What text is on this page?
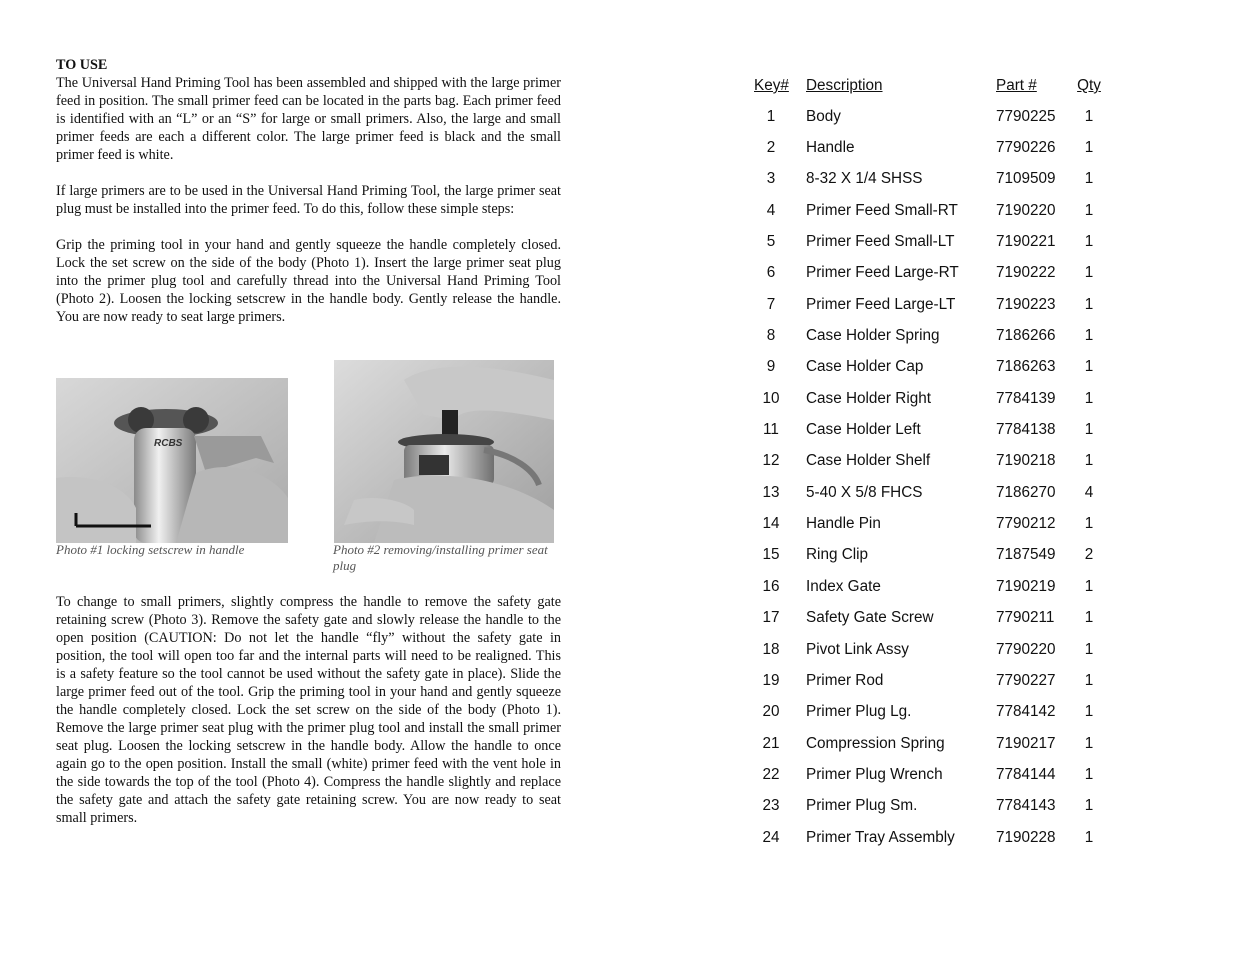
TO USE

The Universal Hand Priming Tool has been assembled and shipped with the large primer feed in position. The small primer feed can be located in the parts bag. Each primer feed is identified with an “L” or an “S” for large or small primers. Also, the large and small primer feeds are each a different color. The large primer feed is black and the small primer feed is white.

If large primers are to be used in the Universal Hand Priming Tool, the large primer seat plug must be installed into the primer feed. To do this, follow these simple steps:

Grip the priming tool in your hand and gently squeeze the handle completely closed. Lock the set screw on the side of the body (Photo 1). Insert the large primer seat plug into the primer plug tool and carefully thread into the Universal Hand Priming Tool (Photo 2). Loosen the locking setscrew in the handle body. Gently release the handle. You are now ready to seat large primers.

RCBS
Photo #1 locking setscrew in handle	Photo #2 removing/installing primer seat plug

To change to small primers, slightly compress the handle to remove the safety gate retaining screw (Photo 3). Remove the safety gate and slowly release the handle to the open position (CAUTION: Do not let the handle “fly” without the safety gate in position, the tool will open too far and the internal parts will need to be realigned. This is a safety feature so the tool cannot be used without the safety gate in place). Slide the large primer feed out of the tool. Grip the priming tool in your hand and gently squeeze the handle completely closed. Lock the set screw on the side of the body (Photo 1). Remove the large primer seat plug with the primer plug tool and install the small primer seat plug. Loosen the locking setscrew in the handle body. Allow the handle to once again go to the open position. Install the small (white) primer feed with the vent hole in the side towards the top of the tool (Photo 4). Compress the handle slightly and replace the safety gate and attach the safety gate retaining screw. You are now ready to seat small primers.

Key#	Description	Part #	Qty
1	Body	7790225	1
2	Handle	7790226	1
3	8-32 X 1/4 SHSS	7109509	1
4	Primer Feed Small-RT	7190220	1
5	Primer Feed Small-LT	7190221	1
6	Primer Feed Large-RT	7190222	1
7	Primer Feed Large-LT	7190223	1
8	Case Holder Spring	7186266	1
9	Case Holder Cap	7186263	1
10	Case Holder Right	7784139	1
11	Case Holder Left	7784138	1
12	Case Holder Shelf	7190218	1
13	5-40 X 5/8 FHCS	7186270	4
14	Handle Pin	7790212	1
15	Ring Clip	7187549	2
16	Index Gate	7190219	1
17	Safety Gate Screw	7790211	1
18	Pivot Link Assy	7790220	1
19	Primer Rod	7790227	1
20	Primer Plug Lg.	7784142	1
21	Compression Spring	7190217	1
22	Primer Plug Wrench	7784144	1
23	Primer Plug Sm.	7784143	1
24	Primer Tray Assembly	7190228	1
